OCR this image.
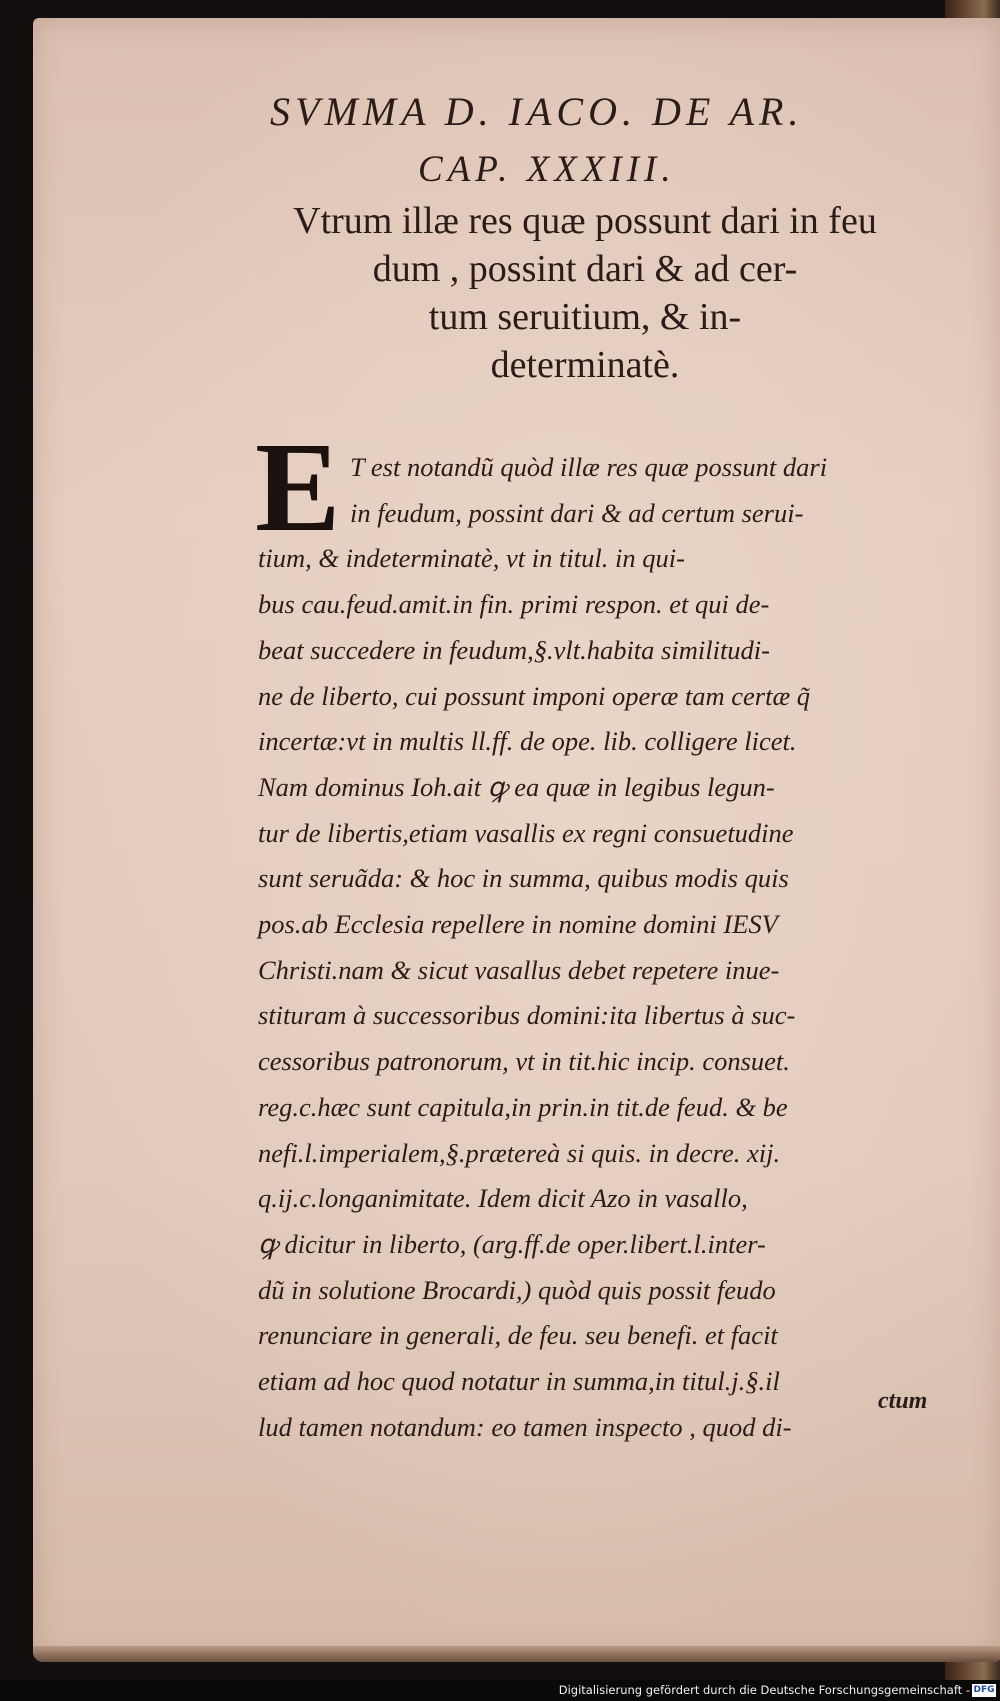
SVMMA D. IACO. DE AR.
CAP. XXXIII.
Vtrum illæ res quæ possunt dari in feu
dum , possint dari & ad cer-
tum seruitium, & in-
determinatè.
E T est notandũ quòd illæ res quæ possunt dari
in feudum, possint dari & ad certum serui-
tium, & indeterminatè, vt in titul. in qui-
bus cau.feud.amit.in fin. primi respon. et qui de-
beat succedere in feudum,§.vlt.habita similitudi-
ne de liberto, cui possunt imponi operæ tam certæ q̃
incertæ:vt in multis ll.ff. de ope. lib. colligere licet.
Nam dominus Ioh.ait ꝙ ea quæ in legibus legun-
tur de libertis,etiam vasallis ex regni consuetudine
sunt seruãda: & hoc in summa, quibus modis quis
pos.ab Ecclesia repellere in nomine domini IESV
Christi.nam & sicut vasallus debet repetere inue-
stituram à successoribus domini:ita libertus à suc-
cessoribus patronorum, vt in tit.hic incip. consuet.
reg.c.hæc sunt capitula,in prin.in tit.de feud. & be
nefi.l.imperialem,§.prætereà si quis. in decre. xij.
q.ij.c.longanimitate. Idem dicit Azo in vasallo,
ꝙ dicitur in liberto, (arg.ff.de oper.libert.l.inter-
dũ in solutione Brocardi,) quòd quis possit feudo
renunciare in generali, de feu. seu benefi. et facit
etiam ad hoc quod notatur in summa,in titul.j.§.il
lud tamen notandum: eo tamen inspecto , quod di-
ctum
Digitalisierung gefördert durch die Deutsche Forschungsgemeinschaft - DFG
